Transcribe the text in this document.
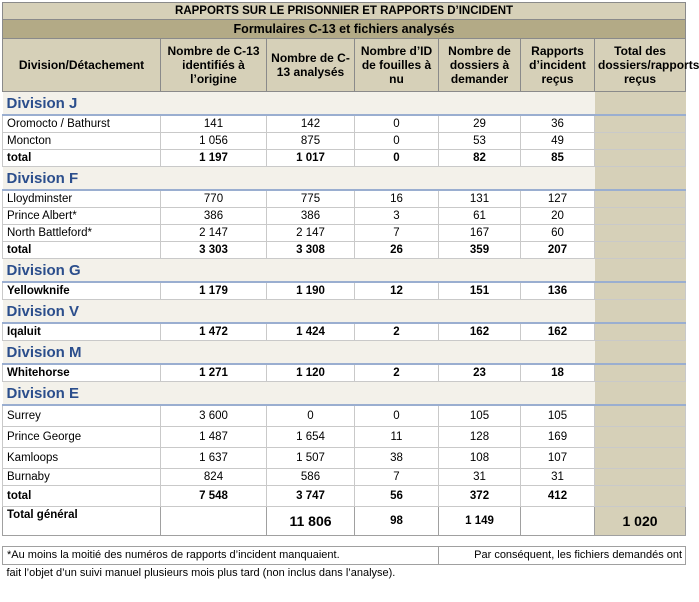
RAPPORTS SUR LE PRISONNIER ET RAPPORTS D’INCIDENT						
Formulaires C-13 et fichiers analysés						
Division/Détachement	Nombre de C-13 identifiés à l’origine	Nombre de C-13 analysés	Nombre d’ID de fouilles à nu	Nombre de dossiers à demander	Rapports d’incident reçus	Total des dossiers/rapports reçus
Division J						
Oromocto / Bathurst	141	142	0	29	36	
Moncton	1 056	875	0	53	49	
total	1 197	1 017	0	82	85	
Division F						
Lloydminster	770	775	16	131	127	
Prince Albert*	386	386	3	61	20	
North Battleford*	2 147	2 147	7	167	60	
total	3 303	3 308	26	359	207	
Division G						
Yellowknife	1 179	1 190	12	151	136	
Division V						
Iqaluit	1 472	1 424	2	162	162	
Division M						
Whitehorse	1 271	1 120	2	23	18	
Division E						
Surrey	3 600	0	0	105	105	
Prince George	1 487	1 654	11	128	169	
Kamloops	1 637	1 507	38	108	107	
Burnaby	824	586	7	31	31	
total	7 548	3 747	56	372	412	
Total général		11 806	98	1 149		1 020

*Au moins la moitié des numéros de rapports d’incident manquaient.				Par conséquent, les fichiers demandés ont		
fait l’objet d’un suivi manuel plusieurs mois plus tard (non inclus dans l’analyse).						
